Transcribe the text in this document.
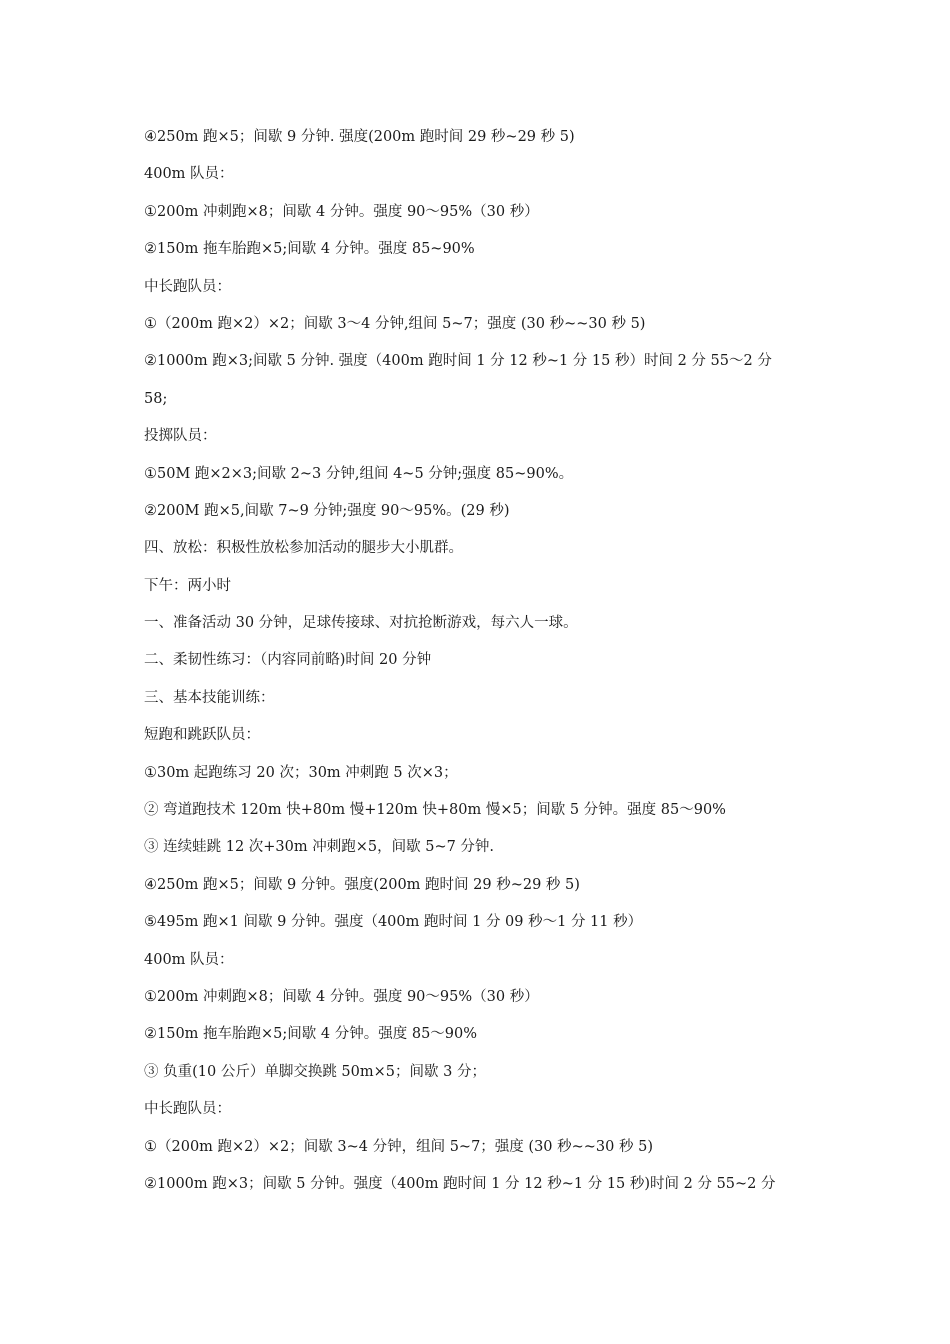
④250m 跑×5；间歇 9 分钟. 强度(200m 跑时间 29 秒~29 秒 5)
400m 队员：
①200m 冲刺跑×8；间歇 4 分钟。强度 90～95%（30 秒）
②150m 拖车胎跑×5;间歇 4 分钟。强度 85~90%
中长跑队员：
①（200m 跑×2）×2；间歇 3～4 分钟,组间 5~7；强度 (30 秒~~30 秒 5)
②1000m 跑×3;间歇 5 分钟. 强度（400m 跑时间 1 分 12 秒~1 分 15 秒）时间 2 分 55～2 分
58;
投掷队员：
①50M 跑×2×3;间歇 2~3 分钟,组间 4~5 分钟;强度 85~90%。
②200M 跑×5,间歇 7~9 分钟;强度 90～95%。(29 秒)
四、放松：积极性放松参加活动的腿步大小肌群。
下午：两小时
一、准备活动 30 分钟，足球传接球、对抗抢断游戏，每六人一球。
二、柔韧性练习：（内容同前略)时间 20 分钟
三、基本技能训练：
短跑和跳跃队员：
①30m 起跑练习 20 次；30m 冲刺跑 5 次×3；
② 弯道跑技术 120m 快+80m 慢+120m 快+80m 慢×5；间歇 5 分钟。强度 85～90%
③ 连续蛙跳 12 次+30m 冲刺跑×5，间歇 5~7 分钟.
④250m 跑×5；间歇 9 分钟。强度(200m 跑时间 29 秒~29 秒 5)
⑤495m 跑×1 间歇 9 分钟。强度（400m 跑时间 1 分 09 秒～1 分 11 秒）
400m 队员：
①200m 冲刺跑×8；间歇 4 分钟。强度 90～95%（30 秒）
②150m 拖车胎跑×5;间歇 4 分钟。强度 85～90%
③ 负重(10 公斤）单脚交换跳 50m×5；间歇 3 分；
中长跑队员：
①（200m 跑×2）×2；间歇 3~4 分钟，组间 5~7；强度 (30 秒~~30 秒 5)
②1000m 跑×3；间歇 5 分钟。强度（400m 跑时间 1 分 12 秒~1 分 15 秒)时间 2 分 55~2 分
